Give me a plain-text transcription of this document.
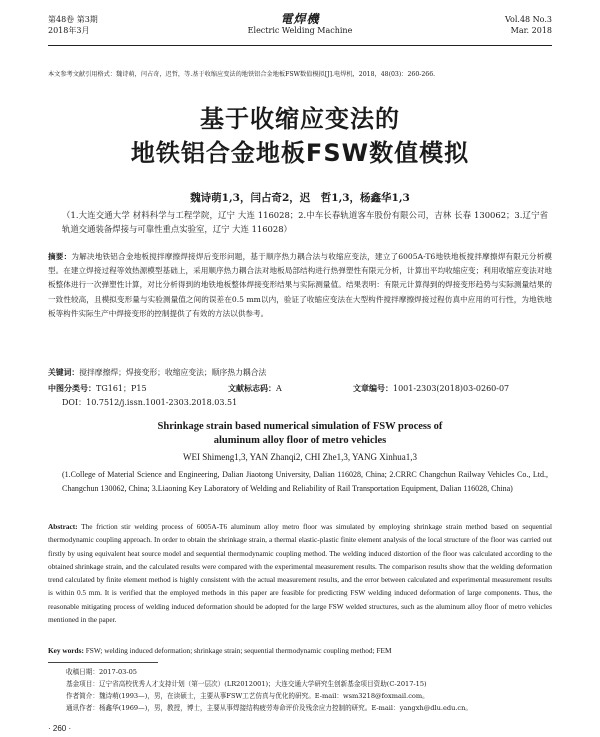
第48卷 第3期
2018年3月
電焊機
Electric Welding Machine
Vol.48 No.3
Mar. 2018
本文参考文献引用格式：魏诗萌，闫占奇，迟哲，等.基于收缩应变法的地铁铝合金地板FSW数值模拟[J].电焊机，2018，48(03)：260-266.
基于收缩应变法的
地铁铝合金地板FSW数值模拟
魏诗萌1,3，闫占奇2，迟　哲1,3，杨鑫华1,3
（1.大连交通大学 材料科学与工程学院，辽宁 大连 116028；2.中车长春轨道客车股份有限公司，吉林 长春 130062；3.辽宁省轨道交通装备焊接与可靠性重点实验室，辽宁 大连 116028）
摘要：为解决地铁铝合金地板搅拌摩擦焊接焊后变形问题，基于顺序热力耦合法与收缩应变法，建立了6005A-T6地铁地板搅拌摩擦焊有限元分析模型。在建立焊接过程等效热源模型基础上，采用顺序热力耦合法对地板局部结构进行热弹塑性有限元分析，计算出平均收缩应变；利用收缩应变法对地板整体进行一次弹塑性计算，对比分析得到的地铁地板整体焊接变形结果与实际测量值。结果表明：有限元计算得到的焊接变形趋势与实际测量结果的一致性较高，且模拟变形量与实验测量值之间的误差在0.5 mm以内，验证了收缩应变法在大型构件搅拌摩擦焊接过程仿真中应用的可行性，为地铁地板等构件实际生产中焊接变形的控制提供了有效的方法以供参考。
关键词：搅拌摩擦焊；焊接变形；收缩应变法；顺序热力耦合法
中图分类号：TG161；P15	文献标志码：A	文章编号：1001-2303(2018)03-0260-07
DOI：10.7512/j.issn.1001-2303.2018.03.51
Shrinkage strain based numerical simulation of FSW process of aluminum alloy floor of metro vehicles
WEI Shimeng1,3, YAN Zhanqi2, CHI Zhe1,3, YANG Xinhua1,3
(1.College of Material Science and Engineering, Dalian Jiaotong University, Dalian 116028, China; 2.CRRC Changchun Railway Vehicles Co., Ltd., Changchun 130062, China; 3.Liaoning Key Laboratory of Welding and Reliability of Rail Transportation Equipment, Dalian 116028, China)
Abstract: The friction stir welding process of 6005A-T6 aluminum alloy metro floor was simulated by employing shrinkage strain method based on sequential thermodynamic coupling approach. In order to obtain the shrinkage strain, a thermal elastic-plastic finite element analysis of the local structure of the floor was carried out firstly by using equivalent heat source model and sequential thermodynamic coupling method. The welding induced distortion of the floor was calculated according to the obtained shrinkage strain, and the calculated results were compared with the experimental measurement results. The comparison results show that the welding deformation trend calculated by finite element method is highly consistent with the actual measurement results, and the error between calculated and experimental measurement results is within 0.5 mm. It is verified that the employed methods in this paper are feasible for predicting FSW welding induced deformation of large components. Thus, the reasonable mitigating process of welding induced deformation should be adopted for the large FSW welded structures, such as the aluminum alloy floor of metro vehicles mentioned in the paper.
Key words: FSW; welding induced deformation; shrinkage strain; sequential thermodynamic coupling method; FEM
收稿日期：2017-03-05
基金项目：辽宁省高校优秀人才支持计划（第一层次）(LR2012001)；大连交通大学研究生创新基金项目资助(C-2017-15)
作者简介：魏诗萌(1993—)，男，在读硕士，主要从事FSW工艺仿真与优化的研究。E-mail：wsm3218@foxmail.com。
通讯作者：杨鑫华(1969—)，男，教授，博士，主要从事焊接结构疲劳寿命评价及残余应力控制的研究。E-mail：yangxh@dlu.edu.cn。
· 260 ·
